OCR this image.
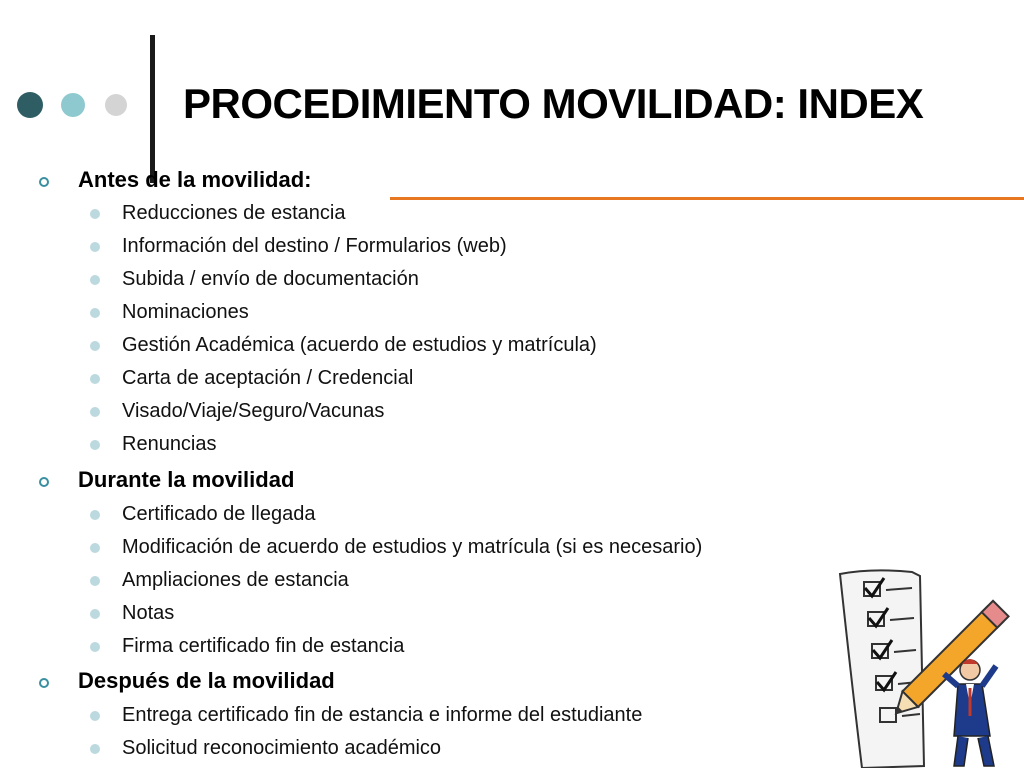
PROCEDIMIENTO MOVILIDAD: INDEX
Antes de la movilidad:
Reducciones de estancia
Información del destino / Formularios (web)
Subida / envío de documentación
Nominaciones
Gestión Académica (acuerdo de estudios y matrícula)
Carta de aceptación / Credencial
Visado/Viaje/Seguro/Vacunas
Renuncias
Durante la movilidad
Certificado de llegada
Modificación de acuerdo de estudios y matrícula (si es necesario)
Ampliaciones de estancia
Notas
Firma certificado fin de estancia
Después de la movilidad
Entrega certificado fin de estancia e informe del estudiante
Solicitud reconocimiento académico
